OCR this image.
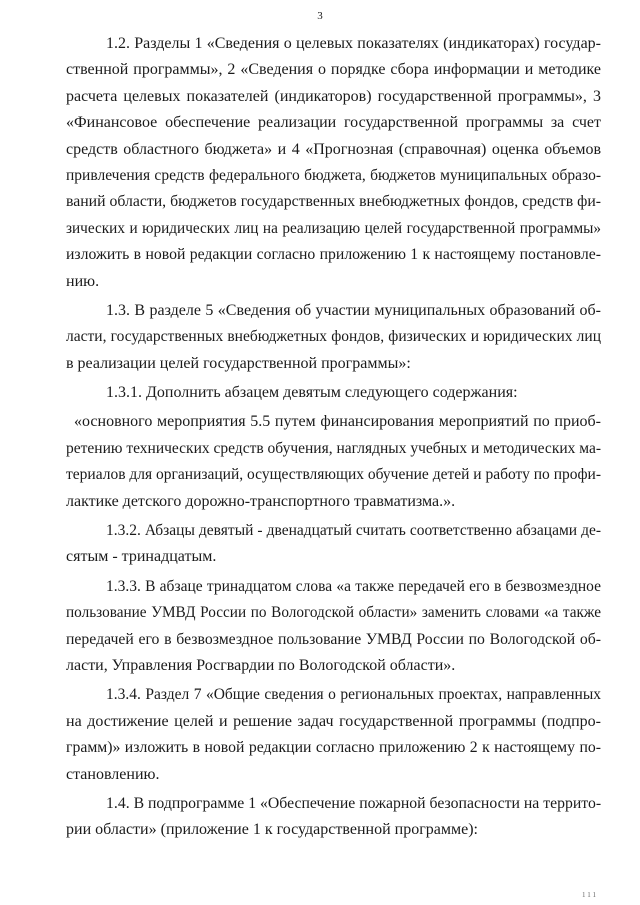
3
1.2. Разделы 1 «Сведения о целевых показателях (индикаторах) государ-
ственной программы», 2 «Сведения о порядке сбора информации и методике
расчета целевых показателей (индикаторов) государственной программы», 3
«Финансовое обеспечение реализации государственной программы за счет
средств областного бюджета» и 4 «Прогнозная (справочная) оценка объемов
привлечения средств федерального бюджета, бюджетов муниципальных образо-
ваний области, бюджетов государственных внебюджетных фондов, средств фи-
зических и юридических лиц на реализацию целей государственной программы»
изложить в новой редакции согласно приложению 1 к настоящему постановле-
нию.
1.3. В разделе 5 «Сведения об участии муниципальных образований об-
ласти, государственных внебюджетных фондов, физических и юридических лиц
в реализации целей государственной программы»:
1.3.1. Дополнить абзацем девятым следующего содержания:
«основного мероприятия 5.5 путем финансирования мероприятий по приоб-
ретению технических средств обучения, наглядных учебных и методических ма-
териалов для организаций, осуществляющих обучение детей и работу по профи-
лактике детского дорожно-транспортного травматизма.».
1.3.2. Абзацы девятый - двенадцатый считать соответственно абзацами де-
сятым - тринадцатым.
1.3.3. В абзаце тринадцатом слова «а также передачей его в безвозмездное
пользование УМВД России по Вологодской области» заменить словами «а также
передачей его в безвозмездное пользование УМВД России по Вологодской об-
ласти, Управления Росгвардии по Вологодской области».
1.3.4. Раздел 7 «Общие сведения о региональных проектах, направленных
на достижение целей и решение задач государственной программы (подпро-
грамм)» изложить в новой редакции согласно приложению 2 к настоящему по-
становлению.
1.4. В подпрограмме 1 «Обеспечение пожарной безопасности на террито-
рии области» (приложение 1 к государственной программе):
1 1 1
